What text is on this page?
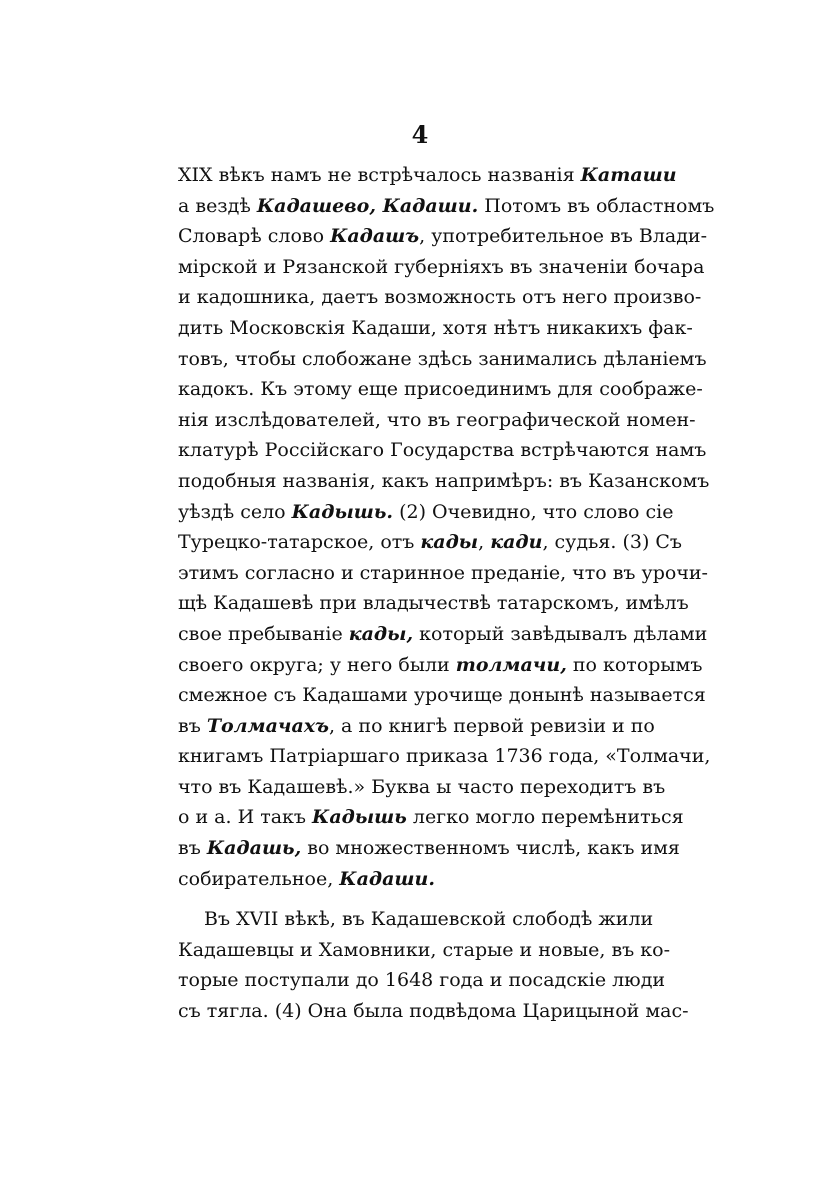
4
XIX вѣкъ намъ не встрѣчалось названія Каташи
а вездѣ Кадашево, Кадаши. Потомъ въ областномъ
Словарѣ слово Кадашъ, употребительное въ Влади-
мірской и Рязанской губерніяхъ въ значеніи бочара
и кадошника, даетъ возможность отъ него произво-
дить Московскія Кадаши, хотя нѣтъ никакихъ фак-
товъ, чтобы слобожане здѣсь занимались дѣланіемъ
кадокъ. Къ этому еще присоединимъ для соображе-
нія изслѣдователей, что въ географической номен-
клатурѣ Россійскаго Государства встрѣчаются намъ
подобныя названія, какъ напримѣръ: въ Казанскомъ
уѣздѣ село Кадышь. (2) Очевидно, что слово сіе
Турецко-татарское, отъ кады, кади, судья. (3) Съ
этимъ согласно и старинное преданіе, что въ урочи-
щѣ Кадашевѣ при владычествѣ татарскомъ, имѣлъ
свое пребываніе кады, который завѣдывалъ дѣлами
своего округа; у него были толмачи, по которымъ
смежное съ Кадашами урочище донынѣ называется
въ Толмачахъ, а по книгѣ первой ревизіи и по
книгамъ Патріаршаго приказа 1736 года, «Толмачи,
что въ Кадашевѣ.» Буква ы часто переходитъ въ
о и а. И такъ Кадышь легко могло перемѣниться
въ Кадашь, во множественномъ числѣ, какъ имя
собирательное, Кадаши.
Въ XVII вѣкѣ, въ Кадашевской слободѣ жили
Кадашевцы и Хамовники, старые и новые, въ ко-
торые поступали до 1648 года и посадскіе люди
съ тягла. (4) Она была подвѣдома Царицыной мас-
